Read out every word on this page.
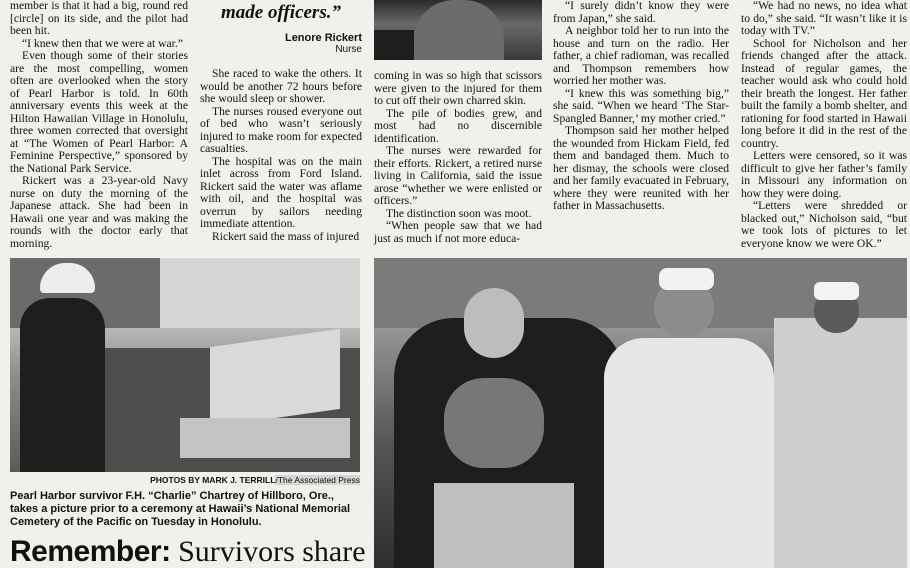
member is that it had a big, round red [circle] on its side, and the pilot had been hit.

“I knew then that we were at war.”

Even though some of their stories are the most compelling, women often are overlooked when the story of Pearl Harbor is told. In 60th anniversary events this week at the Hilton Hawaiian Village in Honolulu, three women corrected that oversight at “The Women of Pearl Harbor: A Feminine Perspective,” sponsored by the National Park Service.

Rickert was a 23-year-old Navy nurse on duty the morning of the Japanese attack. She had been in Hawaii one year and was making the rounds with the doctor early that morning.

made officers.”
Lenore Rickert
Nurse

She raced to wake the others. It would be another 72 hours before she would sleep or shower.

The nurses roused everyone out of bed who wasn’t seriously injured to make room for expected casualties.

The hospital was on the main inlet across from Ford Island. Rickert said the water was aflame with oil, and the hospital was overrun by sailors needing immediate attention.

Rickert said the mass of injured

coming in was so high that scissors were given to the injured for them to cut off their own charred skin.

The pile of bodies grew, and most had no discernible identification.

The nurses were rewarded for their efforts. Rickert, a retired nurse living in California, said the issue arose “whether we were enlisted or officers.”

The distinction soon was moot.

“When people saw that we had just as much if not more educa-

“I surely didn’t know they were from Japan,” she said.

A neighbor told her to run into the house and turn on the radio. Her father, a chief radioman, was recalled and Thompson remembers how worried her mother was.

“I knew this was something big,” she said. “When we heard ‘The Star-Spangled Banner,’ my mother cried.”

Thompson said her mother helped the wounded from Hickam Field, fed them and bandaged them. Much to her dismay, the schools were closed and her family evacuated in February, where they were reunited with her father in Massachusetts.

“We had no news, no idea what to do,” she said. “It wasn’t like it is today with TV.”

School for Nicholson and her friends changed after the attack. Instead of regular games, the teacher would ask who could hold their breath the longest. Her father built the family a bomb shelter, and rationing for food started in Hawaii long before it did in the rest of the country.

Letters were censored, so it was difficult to give her father’s family in Missouri any information on how they were doing.

“Letters were shredded or blacked out,” Nicholson said, “but we took lots of pictures to let everyone know we were OK.”

PHOTOS BY MARK J. TERRILL/The Associated Press
Pearl Harbor survivor F.H. “Charlie” Chartrey of Hillboro, Ore., takes a picture prior to a ceremony at Hawaii’s National Memorial Cemetery of the Pacific on Tuesday in Honolulu.
Remember: Survivors share
